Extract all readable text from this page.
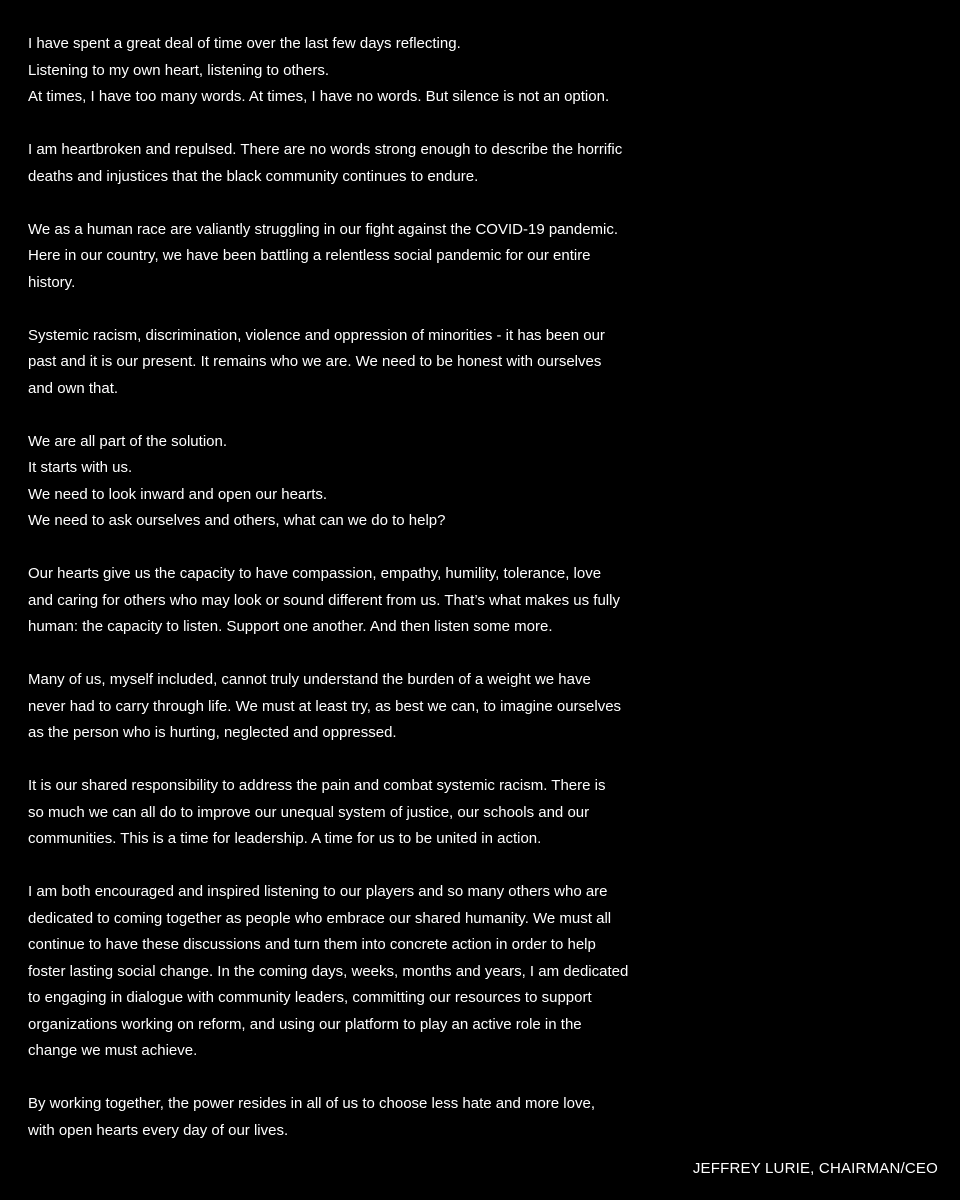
I have spent a great deal of time over the last few days reflecting.
Listening to my own heart, listening to others.
At times, I have too many words. At times, I have no words. But silence is not an option.

I am heartbroken and repulsed. There are no words strong enough to describe the horrific
deaths and injustices that the black community continues to endure.

We as a human race are valiantly struggling in our fight against the COVID-19 pandemic.
Here in our country, we have been battling a relentless social pandemic for our entire
history.

Systemic racism, discrimination, violence and oppression of minorities - it has been our
past and it is our present. It remains who we are. We need to be honest with ourselves
and own that.

We are all part of the solution.
It starts with us.
We need to look inward and open our hearts.
We need to ask ourselves and others, what can we do to help?

Our hearts give us the capacity to have compassion, empathy, humility, tolerance, love
and caring for others who may look or sound different from us. That’s what makes us fully
human: the capacity to listen. Support one another. And then listen some more.

Many of us, myself included, cannot truly understand the burden of a weight we have
never had to carry through life. We must at least try, as best we can, to imagine ourselves
as the person who is hurting, neglected and oppressed.

It is our shared responsibility to address the pain and combat systemic racism. There is
so much we can all do to improve our unequal system of justice, our schools and our
communities. This is a time for leadership. A time for us to be united in action.

I am both encouraged and inspired listening to our players and so many others who are
dedicated to coming together as people who embrace our shared humanity. We must all
continue to have these discussions and turn them into concrete action in order to help
foster lasting social change. In the coming days, weeks, months and years, I am dedicated
to engaging in dialogue with community leaders, committing our resources to support
organizations working on reform, and using our platform to play an active role in the
change we must achieve.

By working together, the power resides in all of us to choose less hate and more love,
with open hearts every day of our lives.

JEFFREY LURIE, CHAIRMAN/CEO
